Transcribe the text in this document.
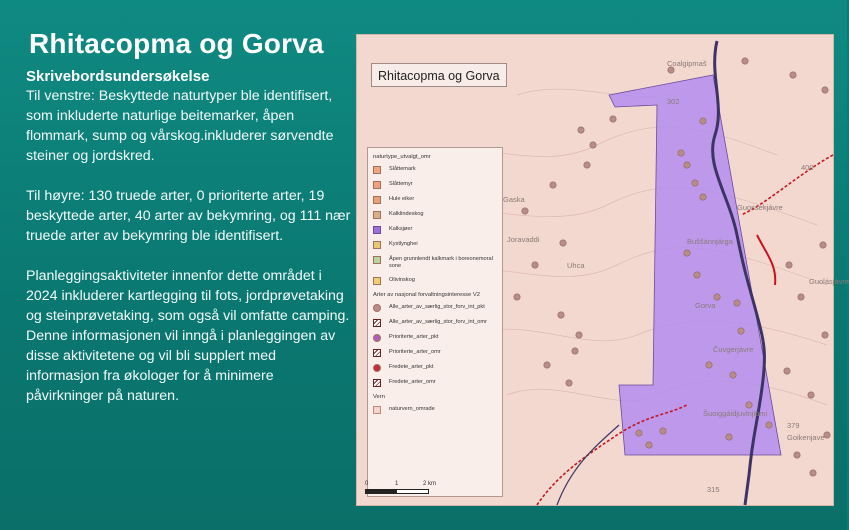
Rhitacopma og Gorva
Skrivebordsundersøkelse
Til venstre: Beskyttede naturtyper ble identifisert, som inkluderte naturlige beitemarker, åpen flommark, sump og vårskog.inkluderer sørvendte steiner og jordskred.
Til høyre: 130 truede arter, 0 prioriterte arter, 19 beskyttede arter, 40 arter av bekymring, og 111 nær truede arter av bekymring ble identifisert.
Planleggingsaktiviteter innenfor dette området i 2024 inkluderer kartlegging til fots, jordprøvetaking og steinprøvetaking, som også vil omfatte camping. Denne informasjonen vil inngå i planleggingen av disse aktivitetene og vil bli supplert med informasjon fra økologer for å minimere påvirkninger på naturen.
Coalgipmaš
Buššánnjárga
Čuvgerjávre
Guossekjávre
Šuoiggáidjuvlnjibmi
Gorva
Uhca
Joravaddi
Gaska
Goikenjave
Guolásjávre
302
379
315
400
Rhitacopma og Gorva
naturtype_utvalgt_omr
Slåttemark
Slåttemyr
Hule eiker
Kalklindeskog
Kalksjøer
Kystlynghei
Åpen grunnlendt kalkmark i boreonemoral sone
Olivinskog
Arter av nasjonal forvaltningsinteresse V2
Alle_arter_av_særlig_stor_forv_int_pkt
Alle_arter_av_særlig_stor_forv_int_omr
Prioriterte_arter_pkt
Prioriterte_arter_omr
Fredete_arter_pkt
Fredete_arter_omr
Vern
naturvern_omrade
0	1	2 km
